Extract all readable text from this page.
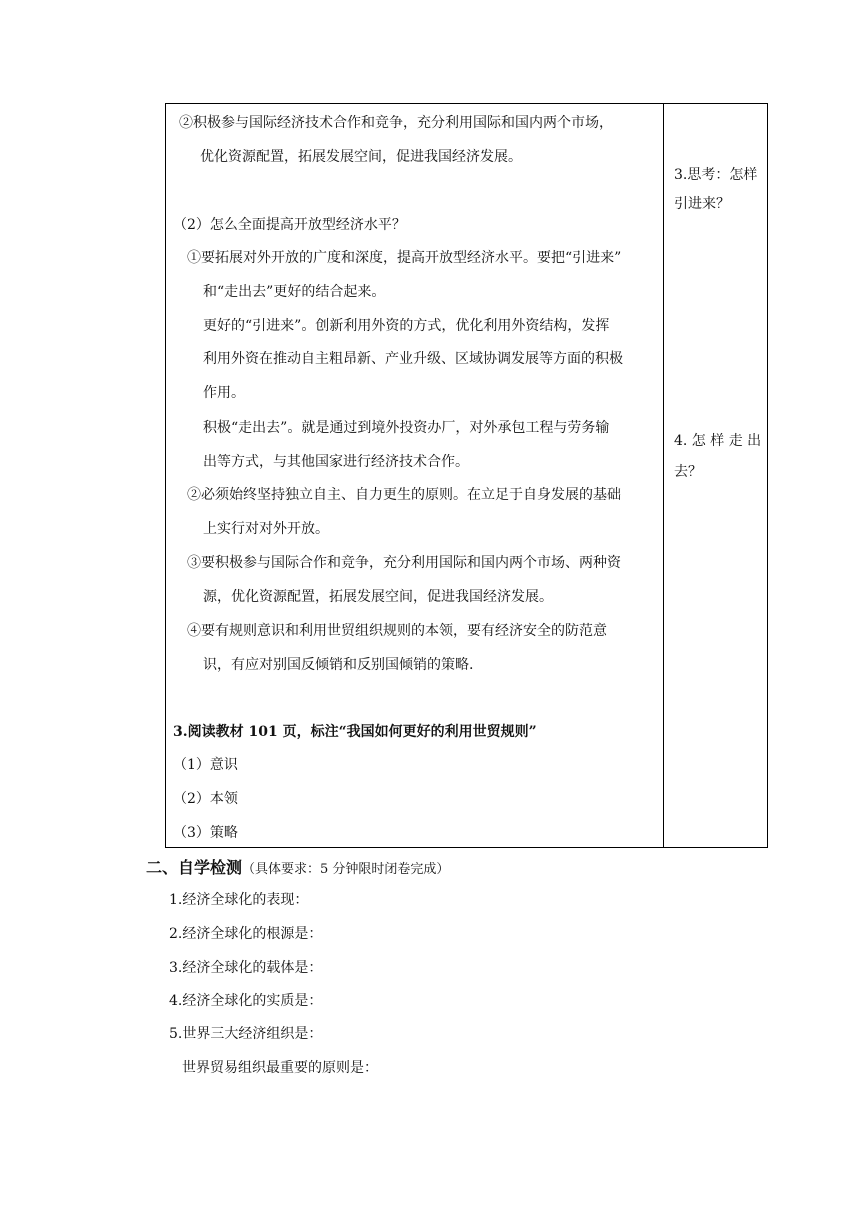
②积极参与国际经济技术合作和竞争，充分利用国际和国内两个市场，
优化资源配置，拓展发展空间，促进我国经济发展。
（2）怎么全面提高开放型经济水平？
①要拓展对外开放的广度和深度，提高开放型经济水平。要把“引进来”
和“走出去”更好的结合起来。
更好的“引进来”。创新利用外资的方式，优化利用外资结构，发挥
利用外资在推动自主粗昂新、产业升级、区域协调发展等方面的积极
作用。
积极“走出去”。就是通过到境外投资办厂，对外承包工程与劳务输
出等方式，与其他国家进行经济技术合作。
②必须始终坚持独立自主、自力更生的原则。在立足于自身发展的基础
上实行对对外开放。
③要积极参与国际合作和竞争，充分利用国际和国内两个市场、两种资
源，优化资源配置，拓展发展空间，促进我国经济发展。
④要有规则意识和利用世贸组织规则的本领，要有经济安全的防范意
识，有应对别国反倾销和反别国倾销的策略.
3.阅读教材 101 页，标注“我国如何更好的利用世贸规则”
（1）意识
（2）本领
（3）策略
3.思考：怎样
引进来？
4. 怎 样 走 出
去？
二、自学检测（具体要求：5 分钟限时闭卷完成）
1.经济全球化的表现：
2.经济全球化的根源是：
3.经济全球化的载体是：
4.经济全球化的实质是：
5.世界三大经济组织是：
世界贸易组织最重要的原则是：
